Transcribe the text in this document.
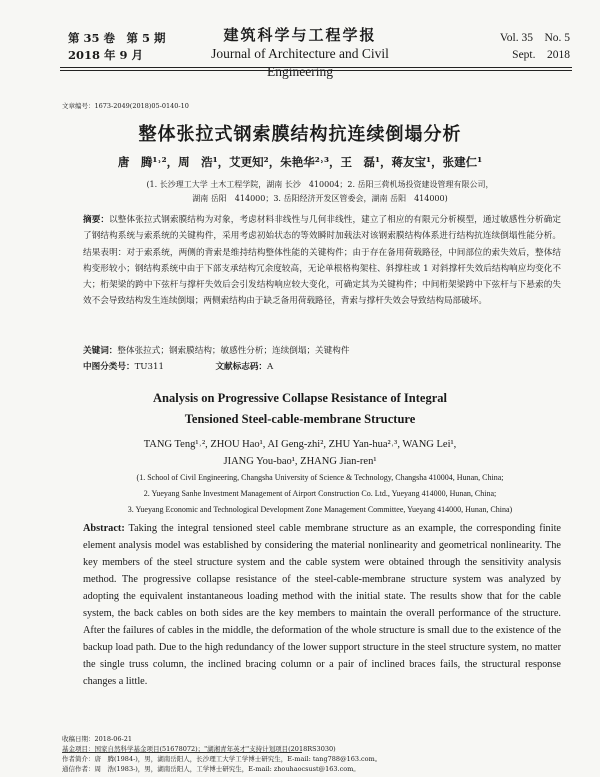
第 35 卷　第 5 期
2018 年 9 月
建筑科学与工程学报
Journal of Architecture and Civil Engineering
Vol. 35　No. 5
Sept.　2018
文章编号：1673-2049(2018)05-0140-10
整体张拉式钢索膜结构抗连续倒塌分析
唐　腾¹˒²，周　浩¹，艾更知²，朱艳华²˒³，王　磊¹，蒋友宝¹，张建仁¹
(1. 长沙理工大学 土木工程学院，湖南 长沙　410004；2. 岳阳三荷机场投资建设管理有限公司，
湖南 岳阳　414000；3. 岳阳经济开发区管委会，湖南 岳阳　414000)
摘要：以整体张拉式钢索膜结构为对象，考虑材料非线性与几何非线性，建立了相应的有限元分析模型，通过敏感性分析确定了钢结构系统与索系统的关键构件，采用考虑初始状态的等效瞬时加载法对该钢索膜结构体系进行结构抗连续倒塌性能分析。结果表明：对于索系统，两侧的背索是维持结构整体性能的关键构件；由于存在备用荷载路径，中间部位的索失效后，整体结构变形较小；钢结构系统中由于下部支承结构冗余度较高，无论单根格构架柱、斜撑柱或 1 对斜撑杆失效后结构响应均变化不大；桁架梁的跨中下弦杆与撑杆失效后会引发结构响应较大变化，可确定其为关键构件；中间桁架梁跨中下弦杆与下悬索的失效不会导致结构发生连续倒塌；两侧索结构由于缺乏备用荷载路径，背索与撑杆失效会导致结构局部破坏。
关键词：整体张拉式；钢索膜结构；敏感性分析；连续倒塌；关键构件
中图分类号：TU311	文献标志码：A
Analysis on Progressive Collapse Resistance of Integral
Tensioned Steel-cable-membrane Structure
TANG Teng¹˒², ZHOU Hao¹, AI Geng-zhi², ZHU Yan-hua²˒³, WANG Lei¹,
JIANG You-bao¹, ZHANG Jian-ren¹
(1. School of Civil Engineering, Changsha University of Science & Technology, Changsha 410004, Hunan, China;
2. Yueyang Sanhe Investment Management of Airport Construction Co. Ltd., Yueyang 414000, Hunan, China;
3. Yueyang Economic and Technological Development Zone Management Committee, Yueyang 414000, Hunan, China)
Abstract: Taking the integral tensioned steel cable membrane structure as an example, the corresponding finite element analysis model was established by considering the material nonlinearity and geometrical nonlinearity. The key members of the steel structure system and the cable system were obtained through the sensitivity analysis method. The progressive collapse resistance of the steel-cable-membrane structure system was analyzed by adopting the equivalent instantaneous loading method with the initial state. The results show that for the cable system, the back cables on both sides are the key members to maintain the overall performance of the structure. After the failures of cables in the middle, the deformation of the whole structure is small due to the existence of the backup load path. Due to the high redundancy of the lower support structure in the steel structure system, no matter the single truss column, the inclined bracing column or a pair of inclined braces fails, the structural response changes a little.
收稿日期：2018-06-21
基金项目：国家自然科学基金项目(51678072)；"湖湘青年英才"支持计划项目(2018RS3030)
作者简介：唐　腾(1984-)，男，湖南岳阳人，长沙理工大学工学博士研究生，E-mail: tang788@163.com。
通信作者：周　浩(1983-)，男，湖南岳阳人，工学博士研究生，E-mail: zhouhaocsust@163.com。
